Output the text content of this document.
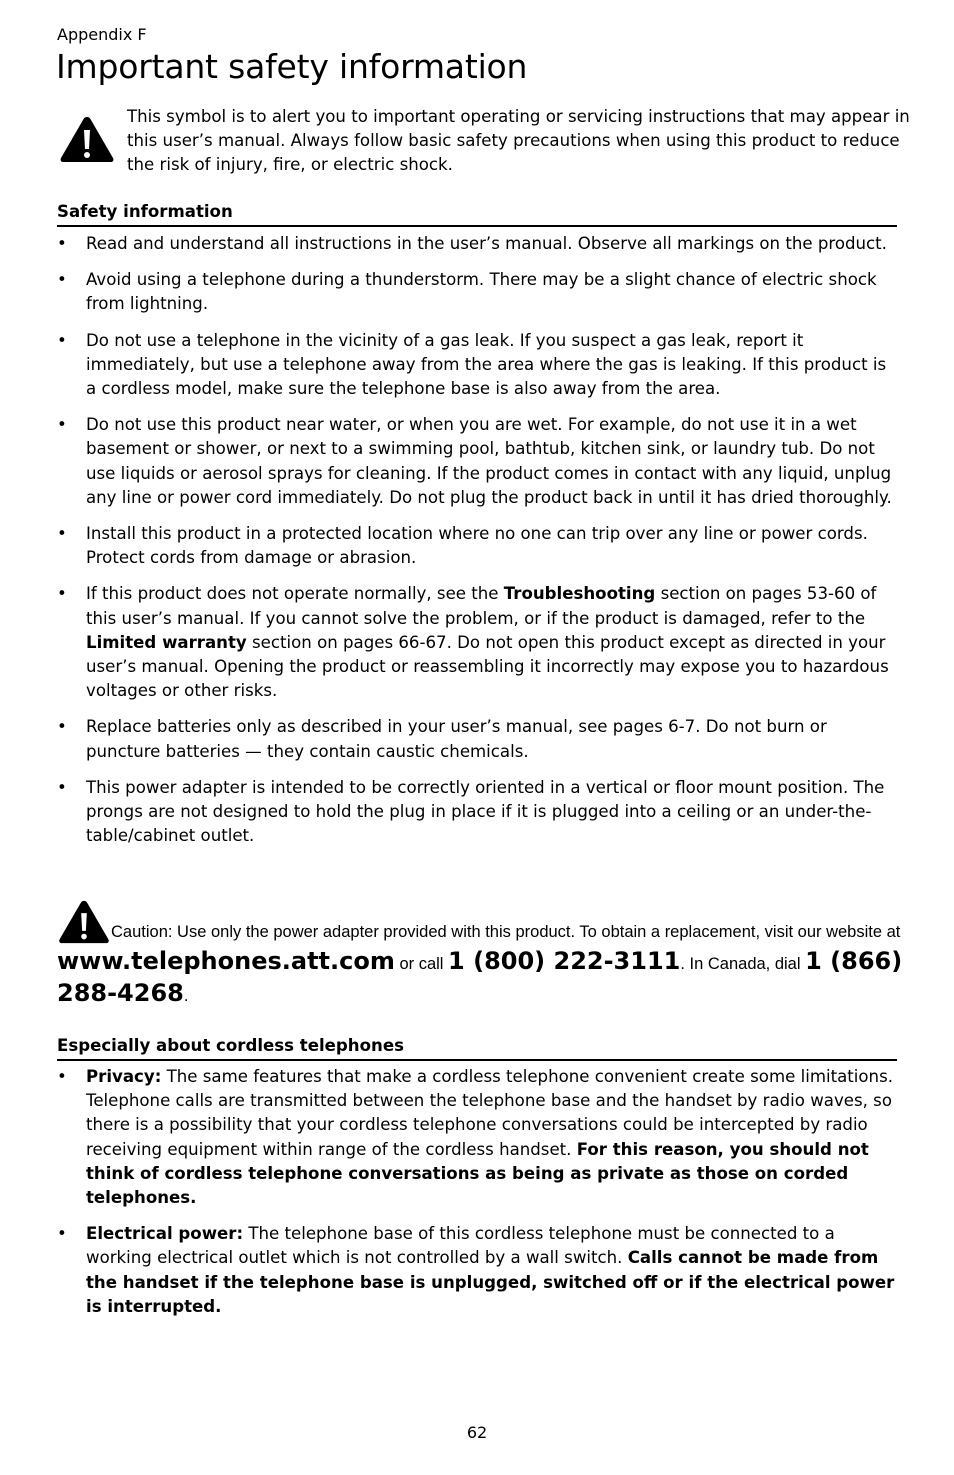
Appendix F
Important safety information
This symbol is to alert you to important operating or servicing instructions that may appear in this user’s manual. Always follow basic safety precautions when using this product to reduce the risk of injury, fire, or electric shock.
Safety information
• Read and understand all instructions in the user’s manual. Observe all markings on the product.
• Avoid using a telephone during a thunderstorm. There may be a slight chance of electric shock from lightning.
• Do not use a telephone in the vicinity of a gas leak. If you suspect a gas leak, report it immediately, but use a telephone away from the area where the gas is leaking. If this product is a cordless model, make sure the telephone base is also away from the area.
• Do not use this product near water, or when you are wet. For example, do not use it in a wet basement or shower, or next to a swimming pool, bathtub, kitchen sink, or laundry tub. Do not use liquids or aerosol sprays for cleaning. If the product comes in contact with any liquid, unplug any line or power cord immediately. Do not plug the product back in until it has dried thoroughly.
• Install this product in a protected location where no one can trip over any line or power cords. Protect cords from damage or abrasion.
• If this product does not operate normally, see the Troubleshooting section on pages 53-60 of this user’s manual. If you cannot solve the problem, or if the product is damaged, refer to the Limited warranty section on pages 66-67. Do not open this product except as directed in your user’s manual. Opening the product or reassembling it incorrectly may expose you to hazardous voltages or other risks.
• Replace batteries only as described in your user’s manual, see pages 6-7. Do not burn or puncture batteries — they contain caustic chemicals.
• This power adapter is intended to be correctly oriented in a vertical or floor mount position. The prongs are not designed to hold the plug in place if it is plugged into a ceiling or an under-the-table/cabinet outlet.
Caution: Use only the power adapter provided with this product. To obtain a replacement, visit our website at www.telephones.att.com or call 1 (800) 222-3111. In Canada, dial 1 (866) 288-4268.
Especially about cordless telephones
• Privacy: The same features that make a cordless telephone convenient create some limitations. Telephone calls are transmitted between the telephone base and the handset by radio waves, so there is a possibility that your cordless telephone conversations could be intercepted by radio receiving equipment within range of the cordless handset. For this reason, you should not think of cordless telephone conversations as being as private as those on corded telephones.
• Electrical power: The telephone base of this cordless telephone must be connected to a working electrical outlet which is not controlled by a wall switch. Calls cannot be made from the handset if the telephone base is unplugged, switched off or if the electrical power is interrupted.
62
